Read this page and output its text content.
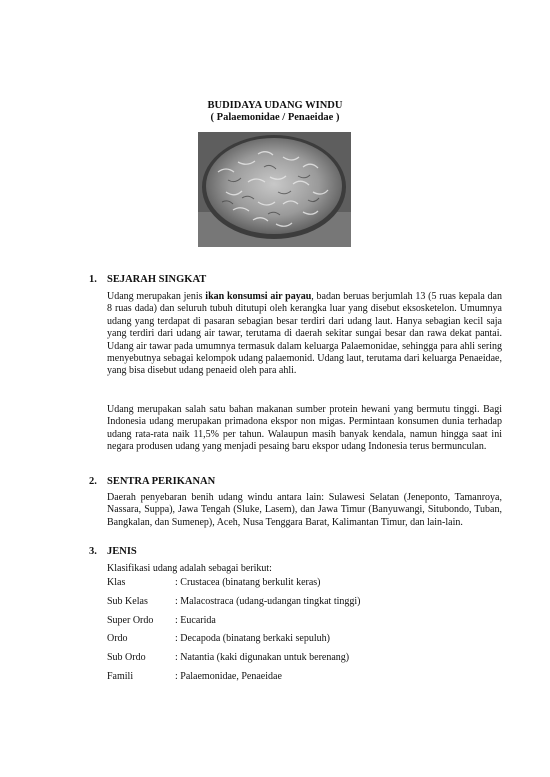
BUDIDAYA UDANG WINDU
( Palaemonidae / Penaeidae )
1. SEJARAH SINGKAT

Udang merupakan jenis ikan konsumsi air payau, badan beruas berjumlah 13 (5 ruas kepala dan 8 ruas dada) dan seluruh tubuh ditutupi oleh kerangka luar yang disebut eksosketelon. Umumnya udang yang terdapat di pasaran sebagian besar terdiri dari udang laut. Hanya sebagian kecil saja yang terdiri dari udang air tawar, terutama di daerah sekitar sungai besar dan rawa dekat pantai. Udang air tawar pada umumnya termasuk dalam keluarga Palaemonidae, sehingga para ahli sering menyebutnya sebagai kelompok udang palaemonid. Udang laut, terutama dari keluarga Penaeidae, yang bisa disebut udang penaeid oleh para ahli.

Udang merupakan salah satu bahan makanan sumber protein hewani yang bermutu tinggi. Bagi Indonesia udang merupakan primadona ekspor non migas. Permintaan konsumen dunia terhadap udang rata-rata naik 11,5% per tahun. Walaupun masih banyak kendala, namun hingga saat ini negara produsen udang yang menjadi pesaing baru ekspor udang Indonesia terus bermunculan.

2. SENTRA PERIKANAN

Daerah penyebaran benih udang windu antara lain: Sulawesi Selatan (Jeneponto, Tamanroya, Nassara, Suppa), Jawa Tengah (Sluke, Lasem), dan Jawa Timur (Banyuwangi, Situbondo, Tuban, Bangkalan, dan Sumenep), Aceh, Nusa Tenggara Barat, Kalimantan Timur, dan lain-lain.

3. JENIS
Klasifikasi udang adalah sebagai berikut:
Klas	: Crustacea (binatang berkulit keras)
Sub Kelas	: Malacostraca (udang-udangan tingkat tinggi)
Super Ordo : Eucarida
Ordo	: Decapoda (binatang berkaki sepuluh)
Sub Ordo	: Natantia (kaki digunakan untuk berenang)
Famili	: Palaemonidae, Penaeidae
